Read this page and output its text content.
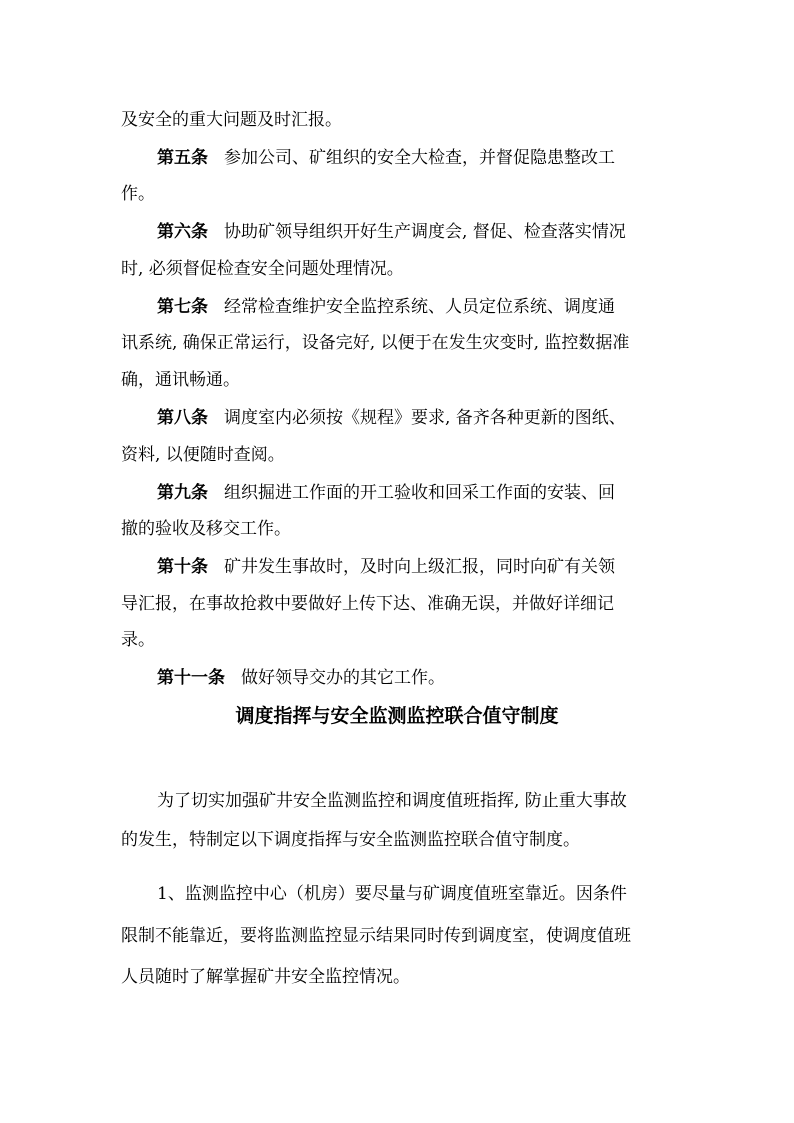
及安全的重大问题及时汇报。
第五条 参加公司、矿组织的安全大检查，并督促隐患整改工
作。
第六条 协助矿领导组织开好生产调度会, 督促、检查落实情况
时, 必须督促检查安全问题处理情况。
第七条 经常检查维护安全监控系统、人员定位系统、调度通
讯系统, 确保正常运行，设备完好, 以便于在发生灾变时, 监控数据准
确，通讯畅通。
第八条 调度室内必须按《规程》要求, 备齐各种更新的图纸、
资料, 以便随时查阅。
第九条 组织掘进工作面的开工验收和回采工作面的安装、回
撤的验收及移交工作。
第十条 矿井发生事故时，及时向上级汇报，同时向矿有关领
导汇报，在事故抢救中要做好上传下达、准确无误，并做好详细记
录。
第十一条 做好领导交办的其它工作。
调度指挥与安全监测监控联合值守制度
为了切实加强矿井安全监测监控和调度值班指挥, 防止重大事故
的发生，特制定以下调度指挥与安全监测监控联合值守制度。
1、监测监控中心（机房）要尽量与矿调度值班室靠近。因条件
限制不能靠近，要将监测监控显示结果同时传到调度室，使调度值班
人员随时了解掌握矿井安全监控情况。
